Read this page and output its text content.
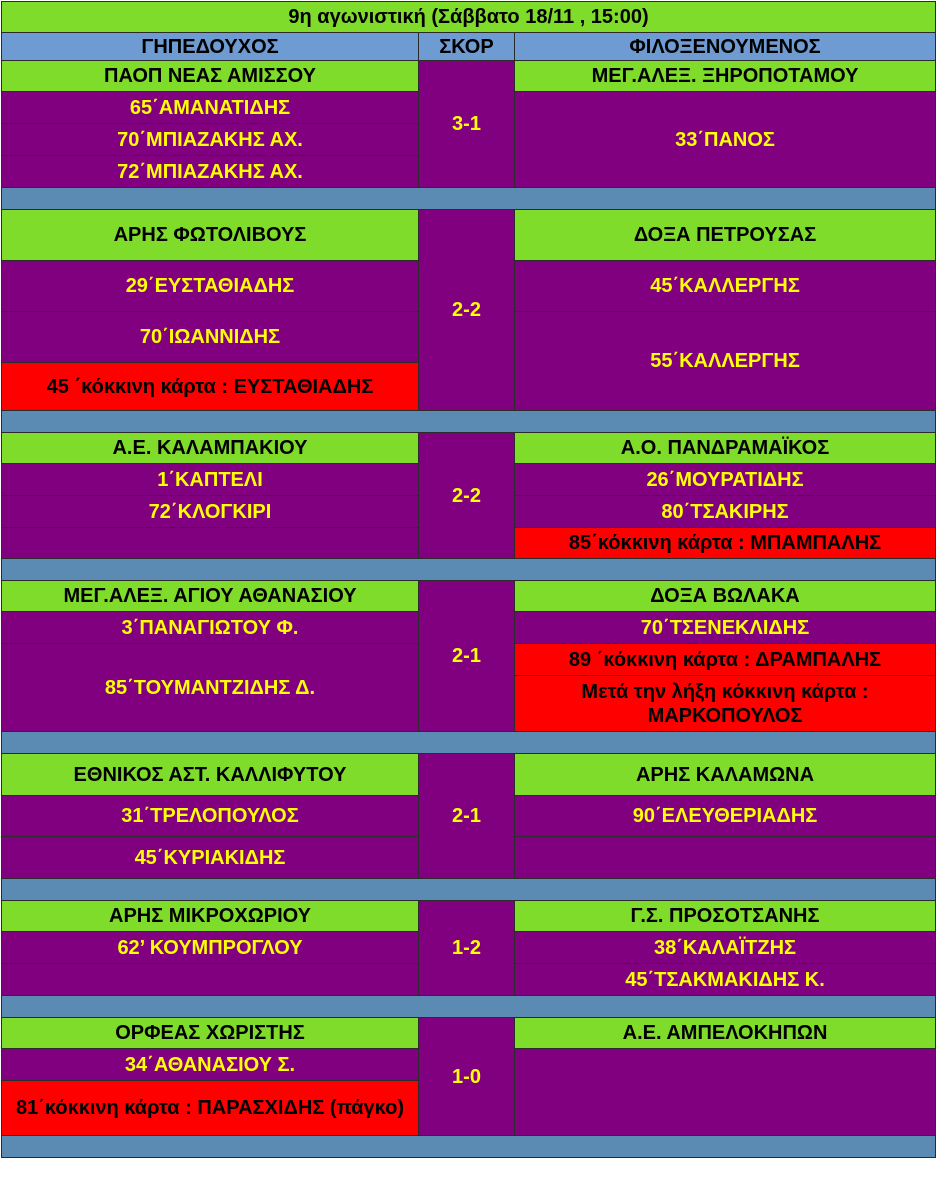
9η αγωνιστική (Σάββατο 18/11 , 15:00)		
ΓΗΠΕΔΟΥΧΟΣ	ΣΚΟΡ	ΦΙΛΟΞΕΝΟΥΜΕΝΟΣ
ΠΑΟΠ ΝΕΑΣ ΑΜΙΣΣΟΥ	3-1	ΜΕΓ.ΑΛΕΞ. ΞΗΡΟΠΟΤΑΜΟΥ
65΄ΑΜΑΝΑΤΙΔΗΣ		33΄ΠΑΝΟΣ
70΄ΜΠΙΑΖΑΚΗΣ ΑΧ.		
72΄ΜΠΙΑΖΑΚΗΣ ΑΧ.		

ΑΡΗΣ ΦΩΤΟΛΙΒΟΥΣ	2-2	ΔΟΞΑ ΠΕΤΡΟΥΣΑΣ
29΄ΕΥΣΤΑΘΙΑΔΗΣ		45΄ΚΑΛΛΕΡΓΗΣ
70΄ΙΩΑΝΝΙΔΗΣ		55΄ΚΑΛΛΕΡΓΗΣ
45 ΄κόκκινη κάρτα : ΕΥΣΤΑΘΙΑΔΗΣ		

Α.Ε. ΚΑΛΑΜΠΑΚΙΟΥ	2-2	Α.Ο. ΠΑΝΔΡΑΜΑΪΚΟΣ
1΄ΚΑΠΤΕΛΙ		26΄ΜΟΥΡΑΤΙΔΗΣ
72΄ΚΛΟΓΚΙΡΙ		80΄ΤΣΑΚΙΡΗΣ
		85΄κόκκινη κάρτα : ΜΠΑΜΠΑΛΗΣ

ΜΕΓ.ΑΛΕΞ. ΑΓΙΟΥ ΑΘΑΝΑΣΙΟΥ	2-1	ΔΟΞΑ ΒΩΛΑΚΑ
3΄ΠΑΝΑΓΙΩΤΟΥ Φ.		70΄ΤΣΕΝΕΚΛΙΔΗΣ
85΄ΤΟΥΜΑΝΤΖΙΔΗΣ Δ.		89 ΄κόκκινη κάρτα : ΔΡΑΜΠΑΛΗΣ
		Μετά την λήξη κόκκινη κάρτα : ΜΑΡΚΟΠΟΥΛΟΣ

ΕΘΝΙΚΟΣ ΑΣΤ. ΚΑΛΛΙΦΥΤΟΥ	2-1	ΑΡΗΣ ΚΑΛΑΜΩΝΑ
31΄ΤΡΕΛΟΠΟΥΛΟΣ		90΄ΕΛΕΥΘΕΡΙΑΔΗΣ
45΄ΚΥΡΙΑΚΙΔΗΣ		

ΑΡΗΣ ΜΙΚΡΟΧΩΡΙΟΥ	1-2	Γ.Σ. ΠΡΟΣΟΤΣΑΝΗΣ
62’ ΚΟΥΜΠΡΟΓΛΟΥ		38΄ΚΑΛΑΪΤΖΗΣ
		45΄ΤΣΑΚΜΑΚΙΔΗΣ Κ.

ΟΡΦΕΑΣ ΧΩΡΙΣΤΗΣ	1-0	Α.Ε. ΑΜΠΕΛΟΚΗΠΩΝ
34΄ΑΘΑΝΑΣΙΟΥ Σ.		
81΄κόκκινη κάρτα : ΠΑΡΑΣΧΙΔΗΣ (πάγκο)		
